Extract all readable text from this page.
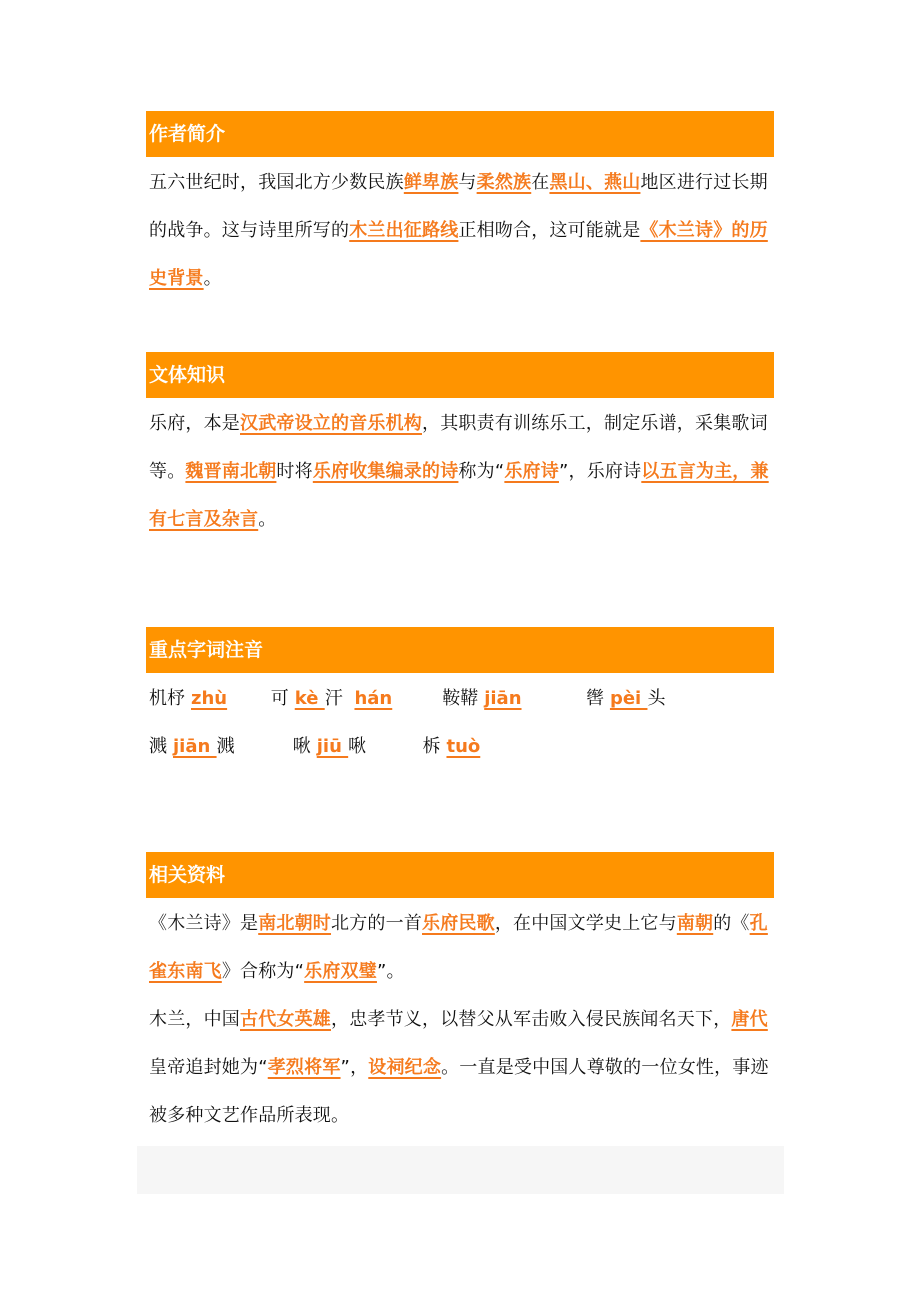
作者简介

五六世纪时，我国北方少数民族鲜卑族与柔然族在黑山、燕山地区进行过长期的战争。这与诗里所写的木兰出征路线正相吻合，这可能就是《木兰诗》的历史背景。

文体知识

乐府，本是汉武帝设立的音乐机构，其职责有训练乐工，制定乐谱，采集歌词等。魏晋南北朝时将乐府收集编录的诗称为“乐府诗”，乐府诗以五言为主，兼有七言及杂言。

重点字词注音
机杼 zhù 可 kè 汗 hán	鞍鞯 jiān	辔 pèi 头
溅 jiān 溅	啾 jiū 啾	柝 tuò
相关资料

《木兰诗》是南北朝时北方的一首乐府民歌，在中国文学史上它与南朝的《孔雀东南飞》合称为“乐府双璧”。

木兰，中国古代女英雄，忠孝节义，以替父从军击败入侵民族闻名天下，唐代皇帝追封她为“孝烈将军”，设祠纪念。一直是受中国人尊敬的一位女性，事迹被多种文艺作品所表现。
